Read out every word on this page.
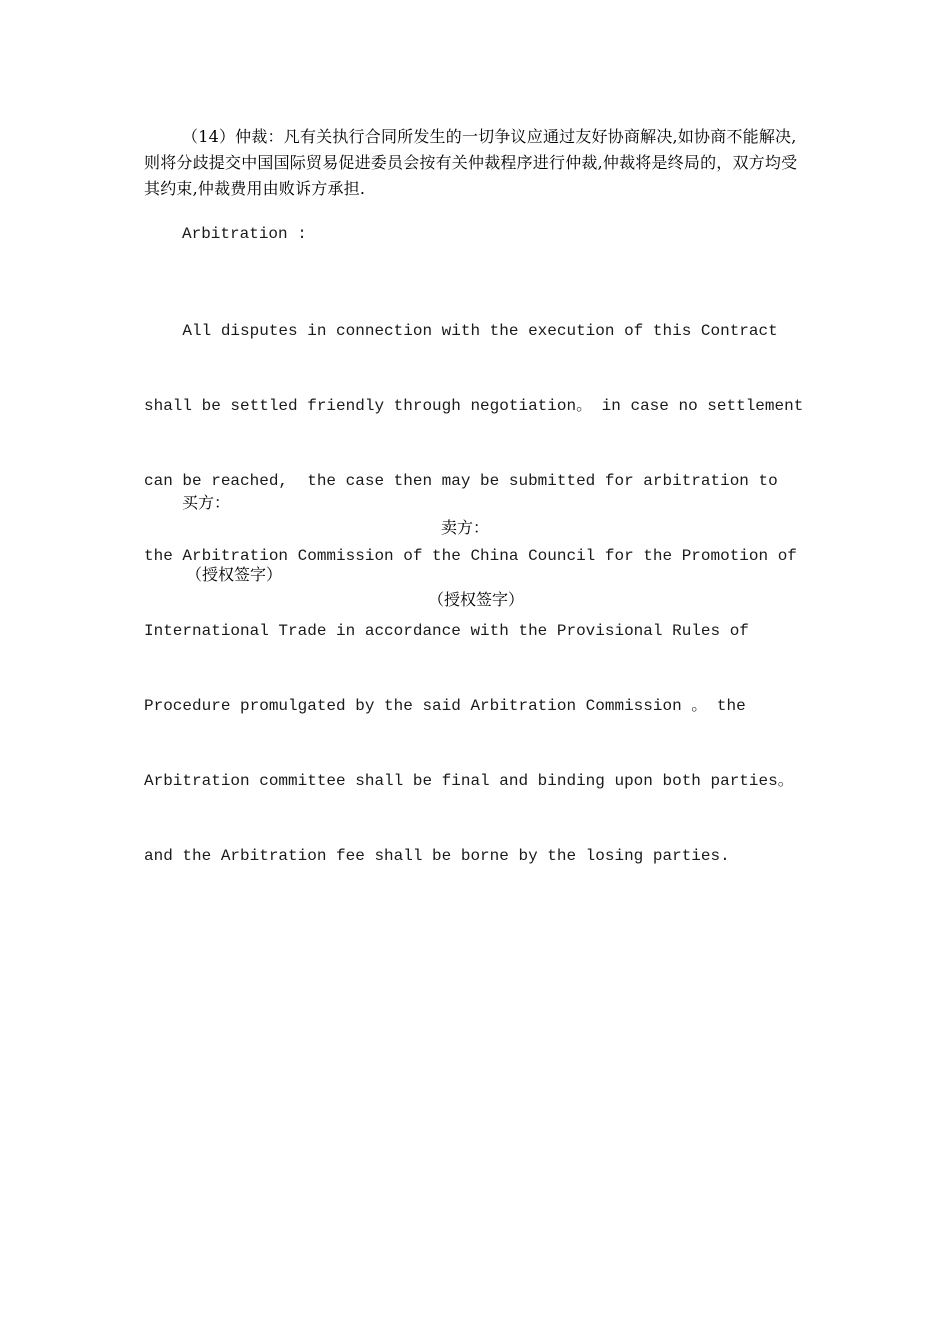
（14）仲裁：凡有关执行合同所发生的一切争议应通过友好协商解决,如协商不能解决,则将分歧提交中国国际贸易促进委员会按有关仲裁程序进行仲裁,仲裁将是终局的，双方均受其约束,仲裁费用由败诉方承担.

Arbitration :

All disputes in connection with the execution of this Contract

shall be settled friendly through negotiation。 in case no settlement

can be reached,  the case then may be submitted for arbitration to

the Arbitration Commission of the China Council for the Promotion of

International Trade in accordance with the Provisional Rules of

Procedure promulgated by the said Arbitration Commission 。 the

Arbitration committee shall be final and binding upon both parties。

and the Arbitration fee shall be borne by the losing parties.

买方：

卖方：

（授权签字）

（授权签字）
